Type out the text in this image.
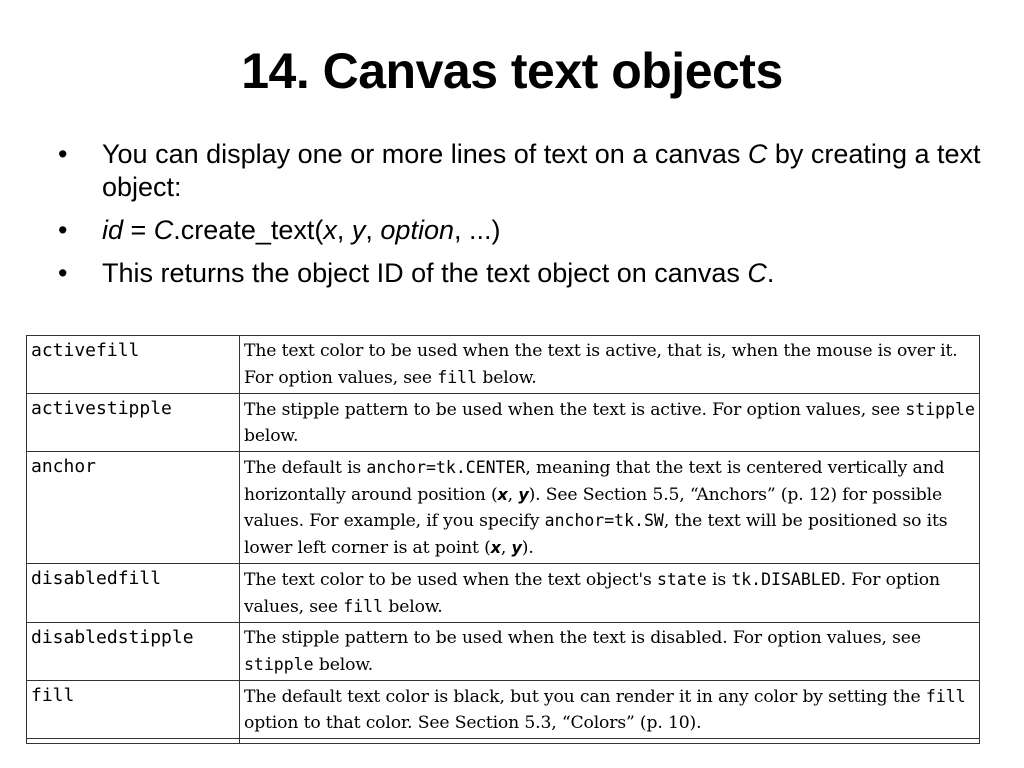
14. Canvas text objects
• You can display one or more lines of text on a canvas C by creating a text object:
• id = C.create_text(x, y, option, ...)
• This returns the object ID of the text object on canvas C.
activefill	The text color to be used when the text is active, that is, when the mouse is over it. For option values, see fill below.
activestipple	The stipple pattern to be used when the text is active. For option values, see stipple below.
anchor	The default is anchor=tk.CENTER, meaning that the text is centered vertically and horizontally around position (x, y). See Section 5.5, “Anchors” (p. 12) for possible values. For example, if you specify anchor=tk.SW, the text will be positioned so its lower left corner is at point (x, y).
disabledfill	The text color to be used when the text object's state is tk.DISABLED. For option values, see fill below.
disabledstipple	The stipple pattern to be used when the text is disabled. For option values, see stipple below.
fill	The default text color is black, but you can render it in any color by setting the fill option to that color. See Section 5.3, “Colors” (p. 10).
